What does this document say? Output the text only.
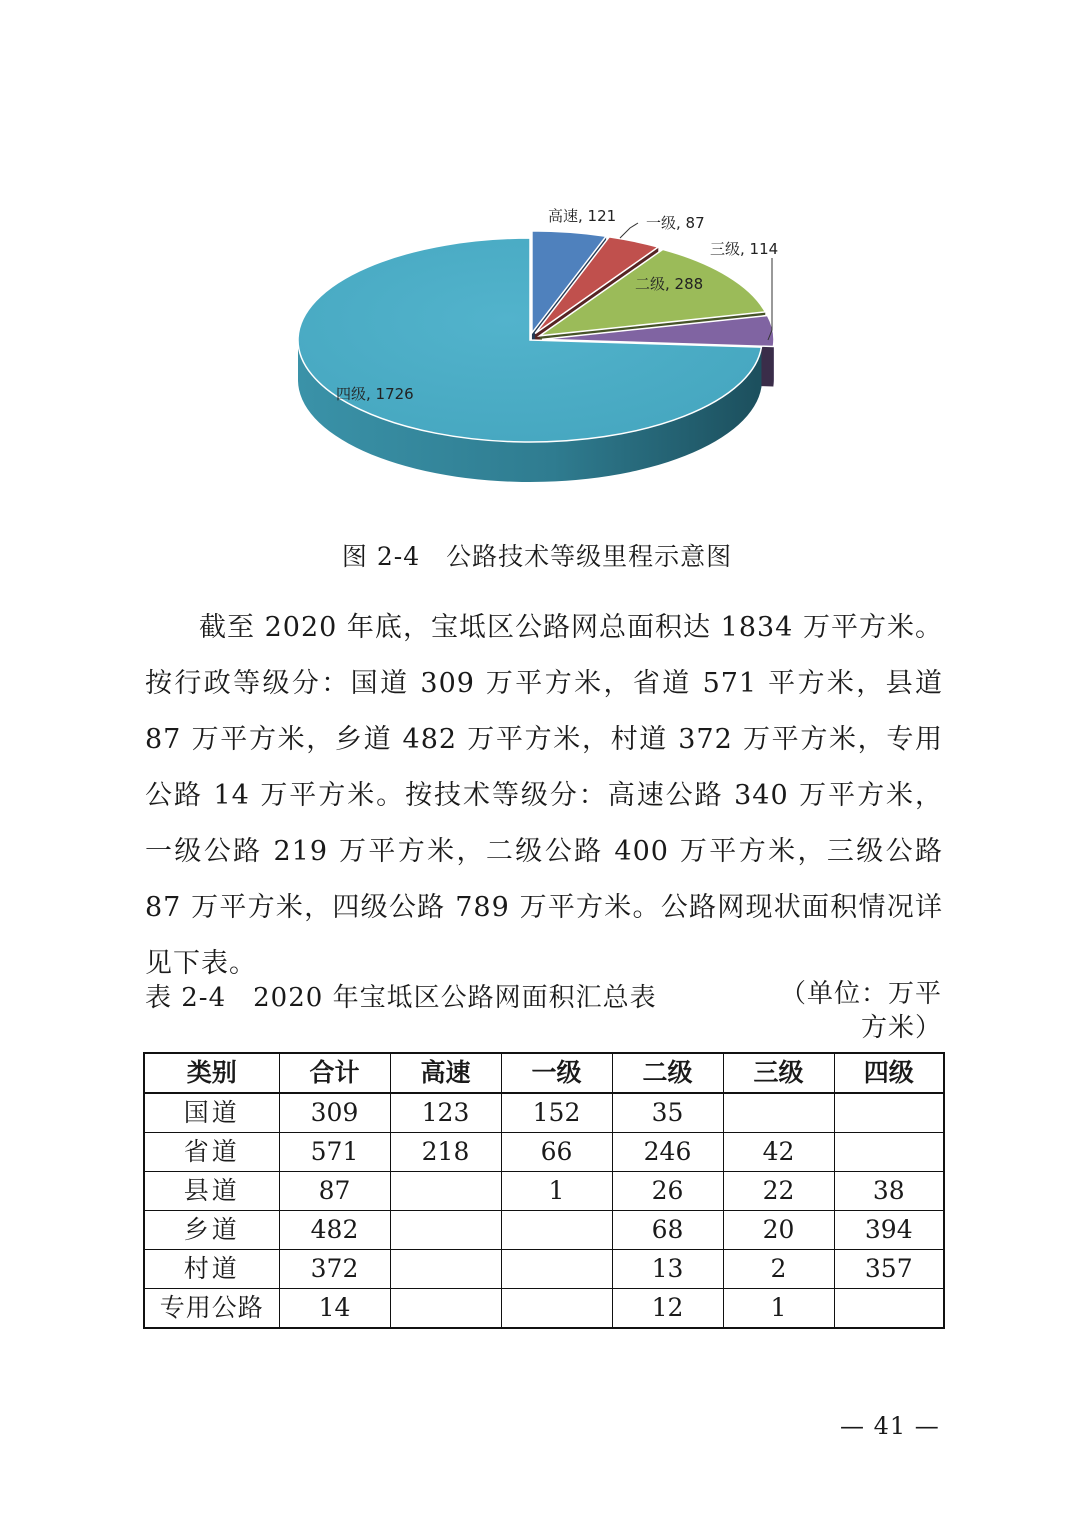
高速, 121 一级, 87
二级, 288
三级, 114
四级, 1726
图 2-4　公路技术等级里程示意图

截至 2020 年底，宝坻区公路网总面积达 1834 万平方米。按行政等级分：国道 309 万平方米，省道 571 平方米，县道 87 万平方米，乡道 482 万平方米，村道 372 万平方米，专用公路 14 万平方米。按技术等级分：高速公路 340 万平方米，一级公路 219 万平方米，二级公路 400 万平方米，三级公路 87 万平方米，四级公路 789 万平方米。公路网现状面积情况详见下表。

表 2-4　2020 年宝坻区公路网面积汇总表	（单位：万平方米）
类别	合计	高速	一级	二级	三级	四级
国道	309	123	152	35		
省道	571	218	66	246	42	
县道	87		1	26	22	38
乡道	482			68	20	394
村道	372			13	2	357
专用公路	14			12	1	
— 41 —
